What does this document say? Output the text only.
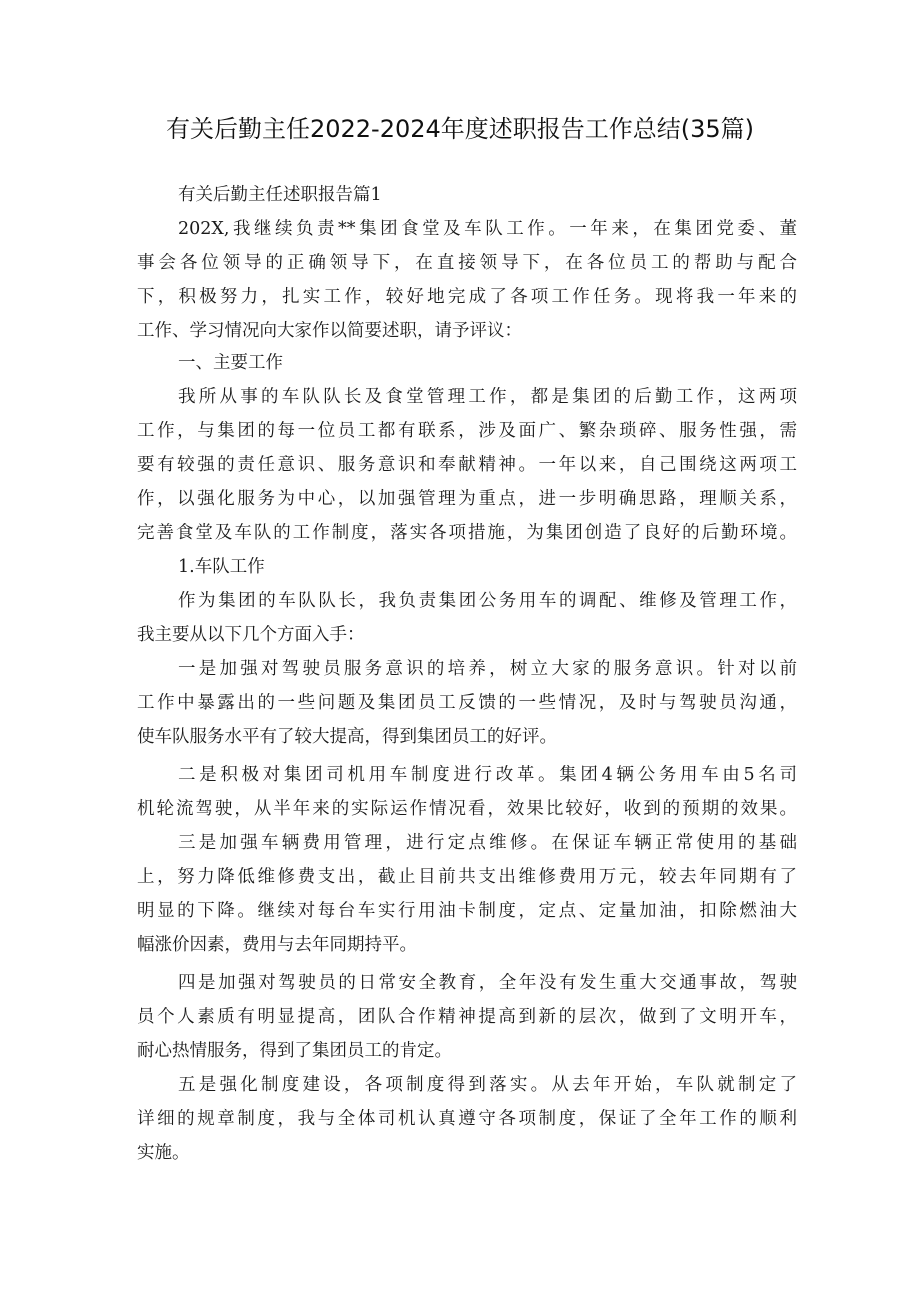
有关后勤主任2022-2024年度述职报告工作总结(35篇)
有关后勤主任述职报告篇1
202X,我继续负责**集团食堂及车队工作。一年来，在集团党委、董
事会各位领导的正确领导下，在直接领导下，在各位员工的帮助与配合
下，积极努力，扎实工作，较好地完成了各项工作任务。现将我一年来的
工作、学习情况向大家作以简要述职，请予评议：
一、主要工作
我所从事的车队队长及食堂管理工作，都是集团的后勤工作，这两项
工作，与集团的每一位员工都有联系，涉及面广、繁杂琐碎、服务性强，需
要有较强的责任意识、服务意识和奉献精神。一年以来，自己围绕这两项工
作，以强化服务为中心，以加强管理为重点，进一步明确思路，理顺关系，
完善食堂及车队的工作制度，落实各项措施，为集团创造了良好的后勤环境。
1.车队工作
作为集团的车队队长，我负责集团公务用车的调配、维修及管理工作，
我主要从以下几个方面入手：
一是加强对驾驶员服务意识的培养，树立大家的服务意识。针对以前
工作中暴露出的一些问题及集团员工反馈的一些情况，及时与驾驶员沟通，
使车队服务水平有了较大提高，得到集团员工的好评。
二是积极对集团司机用车制度进行改革。集团4辆公务用车由5名司
机轮流驾驶，从半年来的实际运作情况看，效果比较好，收到的预期的效果。
三是加强车辆费用管理，进行定点维修。在保证车辆正常使用的基础
上，努力降低维修费支出，截止目前共支出维修费用万元，较去年同期有了
明显的下降。继续对每台车实行用油卡制度，定点、定量加油，扣除燃油大
幅涨价因素，费用与去年同期持平。
四是加强对驾驶员的日常安全教育，全年没有发生重大交通事故，驾驶
员个人素质有明显提高，团队合作精神提高到新的层次，做到了文明开车，
耐心热情服务，得到了集团员工的肯定。
五是强化制度建设，各项制度得到落实。从去年开始，车队就制定了
详细的规章制度，我与全体司机认真遵守各项制度，保证了全年工作的顺利
实施。
